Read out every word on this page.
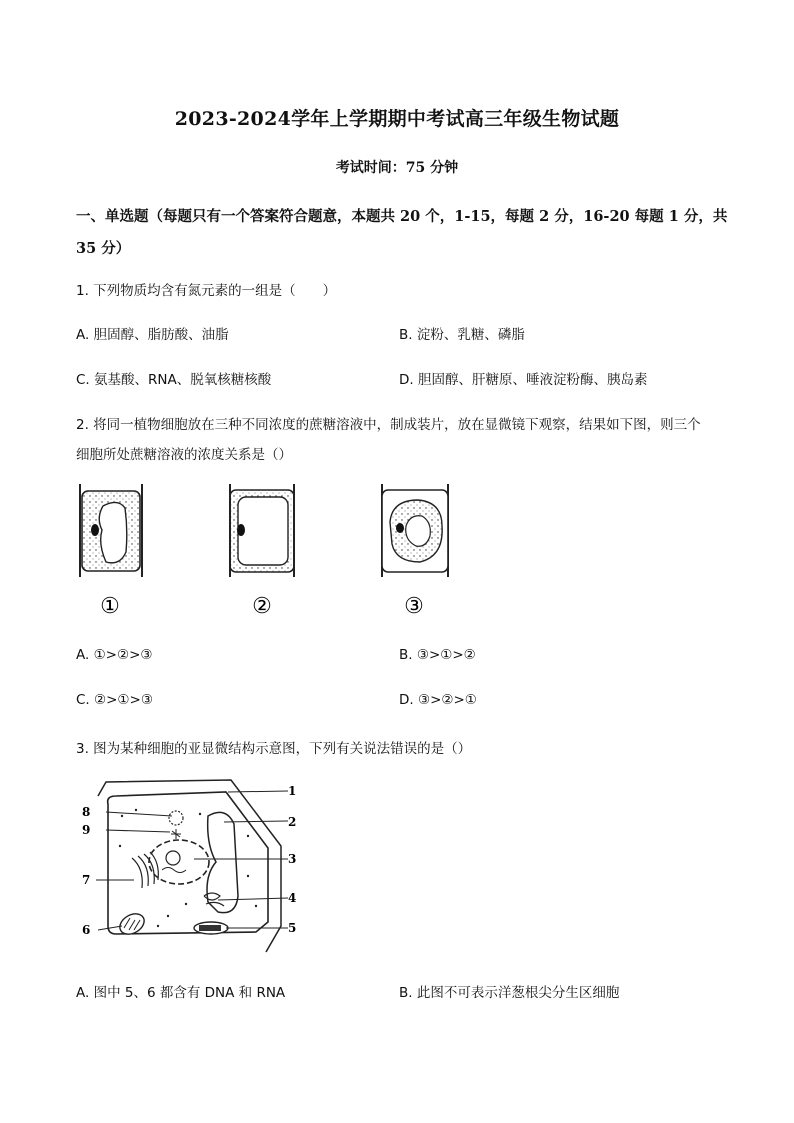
2023-2024学年上学期期中考试高三年级生物试题
考试时间：75 分钟
一、单选题（每题只有一个答案符合题意，本题共 20 个，1-15，每题 2 分，16-20 每题 1 分，共 35 分）
1. 下列物质均含有氮元素的一组是（　　）
A. 胆固醇、脂肪酸、油脂	B. 淀粉、乳糖、磷脂
C. 氨基酸、RNA、脱氧核糖核酸	D. 胆固醇、肝糖原、唾液淀粉酶、胰岛素
2. 将同一植物细胞放在三种不同浓度的蔗糖溶液中，制成装片，放在显微镜下观察，结果如下图，则三个
细胞所处蔗糖溶液的浓度关系是（）
①	②	③
A. ①>②>③	B. ③>①>②
C. ②>①>③	D. ③>②>①
3. 图为某种细胞的亚显微结构示意图，下列有关说法错误的是（）
1
2
3
4
5
6
7
8
9
A. 图中 5、6 都含有 DNA 和 RNA	B. 此图不可表示洋葱根尖分生区细胞
